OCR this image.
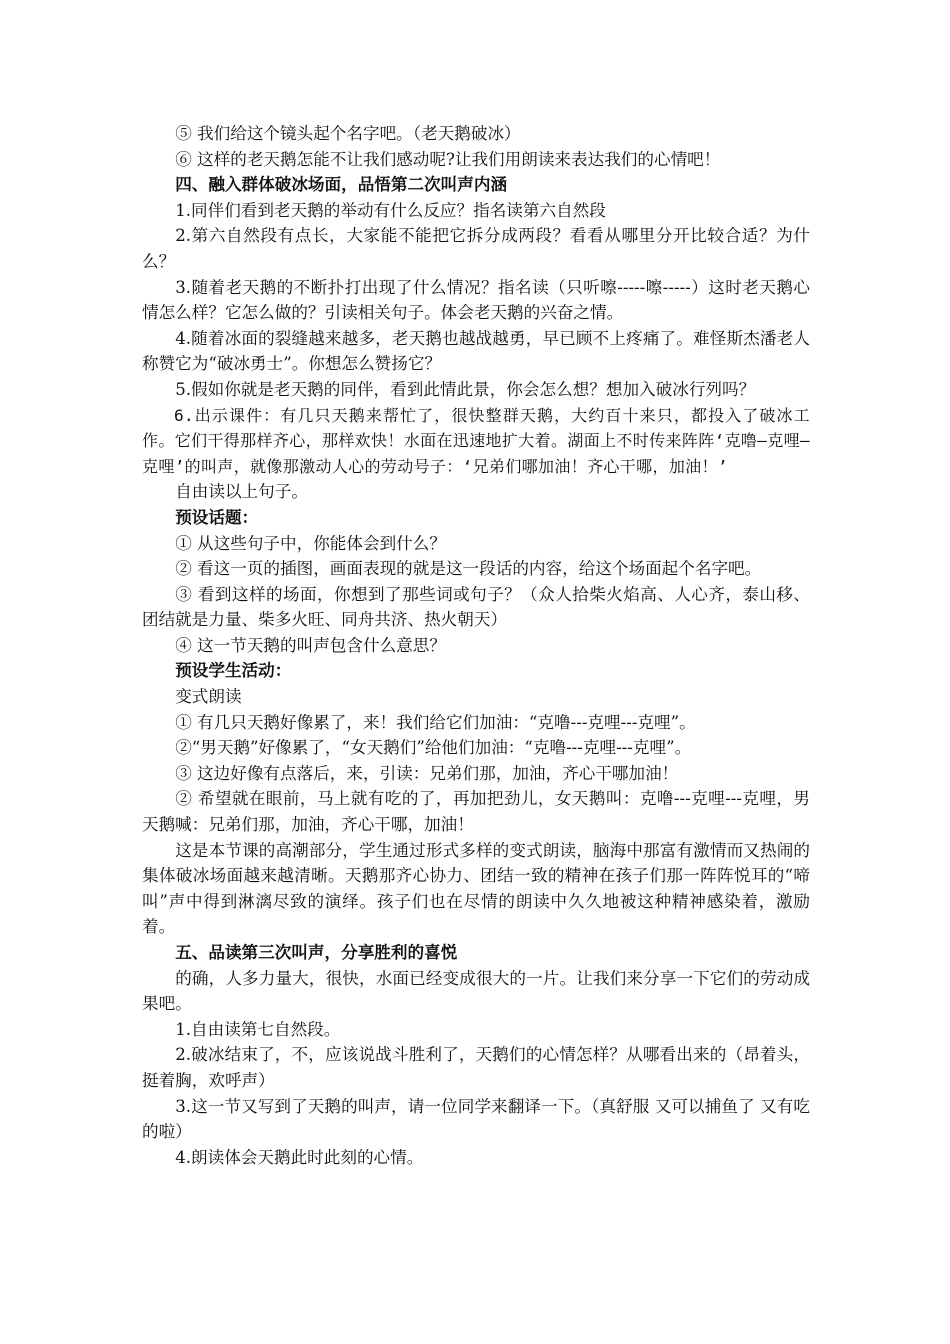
⑤ 我们给这个镜头起个名字吧。（老天鹅破冰）

⑥ 这样的老天鹅怎能不让我们感动呢?让我们用朗读来表达我们的心情吧！

四、融入群体破冰场面，品悟第二次叫声内涵

1.同伴们看到老天鹅的举动有什么反应？指名读第六自然段

2.第六自然段有点长，大家能不能把它拆分成两段？看看从哪里分开比较合适？为什么？

3.随着老天鹅的不断扑打出现了什么情况？指名读（只听嚓-----嚓-----）这时老天鹅心情怎么样？它怎么做的？引读相关句子。体会老天鹅的兴奋之情。

4.随着冰面的裂缝越来越多，老天鹅也越战越勇，早已顾不上疼痛了。难怪斯杰潘老人称赞它为“破冰勇士”。你想怎么赞扬它？

5.假如你就是老天鹅的同伴，看到此情此景，你会怎么想？想加入破冰行列吗？

6.出示课件：有几只天鹅来帮忙了，很快整群天鹅，大约百十来只，都投入了破冰工作。它们干得那样齐心，那样欢快！水面在迅速地扩大着。湖面上不时传来阵阵‘克噜—克哩—克哩’的叫声，就像那激动人心的劳动号子：‘兄弟们哪加油！齐心干哪，加油！’

自由读以上句子。

预设话题：

① 从这些句子中，你能体会到什么？

② 看这一页的插图，画面表现的就是这一段话的内容，给这个场面起个名字吧。

③ 看到这样的场面，你想到了那些词或句子？（众人拾柴火焰高、人心齐，泰山移、团结就是力量、柴多火旺、同舟共济、热火朝天）

④ 这一节天鹅的叫声包含什么意思？

预设学生活动：

变式朗读

① 有几只天鹅好像累了，来！我们给它们加油：“克噜---克哩---克哩”。

②“男天鹅”好像累了，“女天鹅们”给他们加油：“克噜---克哩---克哩”。

③ 这边好像有点落后，来，引读：兄弟们那，加油，齐心干哪加油！

② 希望就在眼前，马上就有吃的了，再加把劲儿，女天鹅叫：克噜---克哩---克哩，男天鹅喊：兄弟们那，加油，齐心干哪，加油！

这是本节课的高潮部分，学生通过形式多样的变式朗读，脑海中那富有激情而又热闹的集体破冰场面越来越清晰。天鹅那齐心协力、团结一致的精神在孩子们那一阵阵悦耳的“啼叫”声中得到淋漓尽致的演绎。孩子们也在尽情的朗读中久久地被这种精神感染着，激励着。

五、品读第三次叫声，分享胜利的喜悦

的确，人多力量大，很快，水面已经变成很大的一片。让我们来分享一下它们的劳动成果吧。

1.自由读第七自然段。

2.破冰结束了，不，应该说战斗胜利了，天鹅们的心情怎样？从哪看出来的（昂着头，挺着胸，欢呼声）

3.这一节又写到了天鹅的叫声，请一位同学来翻译一下。（真舒服 又可以捕鱼了 又有吃的啦）

4.朗读体会天鹅此时此刻的心情。
